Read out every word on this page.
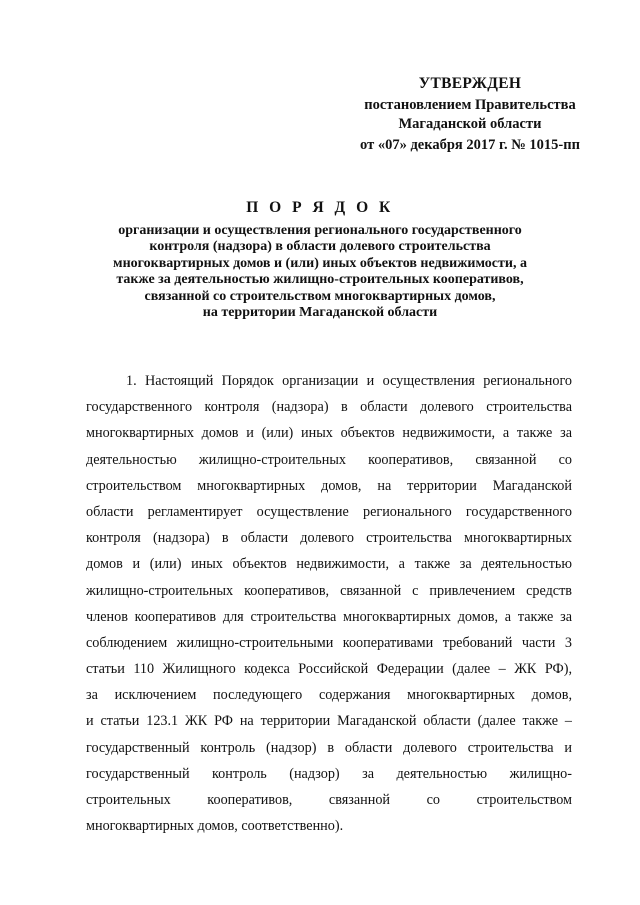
УТВЕРЖДЕН
постановлением Правительства
Магаданской области
от «07» декабря 2017 г. № 1015-пп
П О Р Я Д О К
организации и осуществления регионального государственного
контроля (надзора) в области долевого строительства
многоквартирных домов и (или) иных объектов недвижимости, а
также за деятельностью жилищно-строительных кооперативов,
связанной со строительством многоквартирных домов,
на территории Магаданской области
1. Настоящий Порядок организации и осуществления регионального
государственного контроля (надзора) в области долевого строительства
многоквартирных домов и (или) иных объектов недвижимости, а также за
деятельностью жилищно-строительных кооперативов, связанной со
строительством многоквартирных домов, на территории Магаданской
области регламентирует осуществление регионального государственного
контроля (надзора) в области долевого строительства многоквартирных
домов и (или) иных объектов недвижимости, а также за деятельностью
жилищно-строительных кооперативов, связанной с привлечением средств
членов кооперативов для строительства многоквартирных домов, а также за
соблюдением жилищно-строительными кооперативами требований части 3
статьи 110 Жилищного кодекса Российской Федерации (далее – ЖК РФ),
за исключением последующего содержания многоквартирных домов,
и статьи 123.1 ЖК РФ на территории Магаданской области (далее также –
государственный контроль (надзор) в области долевого строительства и
государственный контроль (надзор) за деятельностью жилищно-
строительных кооперативов, связанной со строительством
многоквартирных домов, соответственно).
